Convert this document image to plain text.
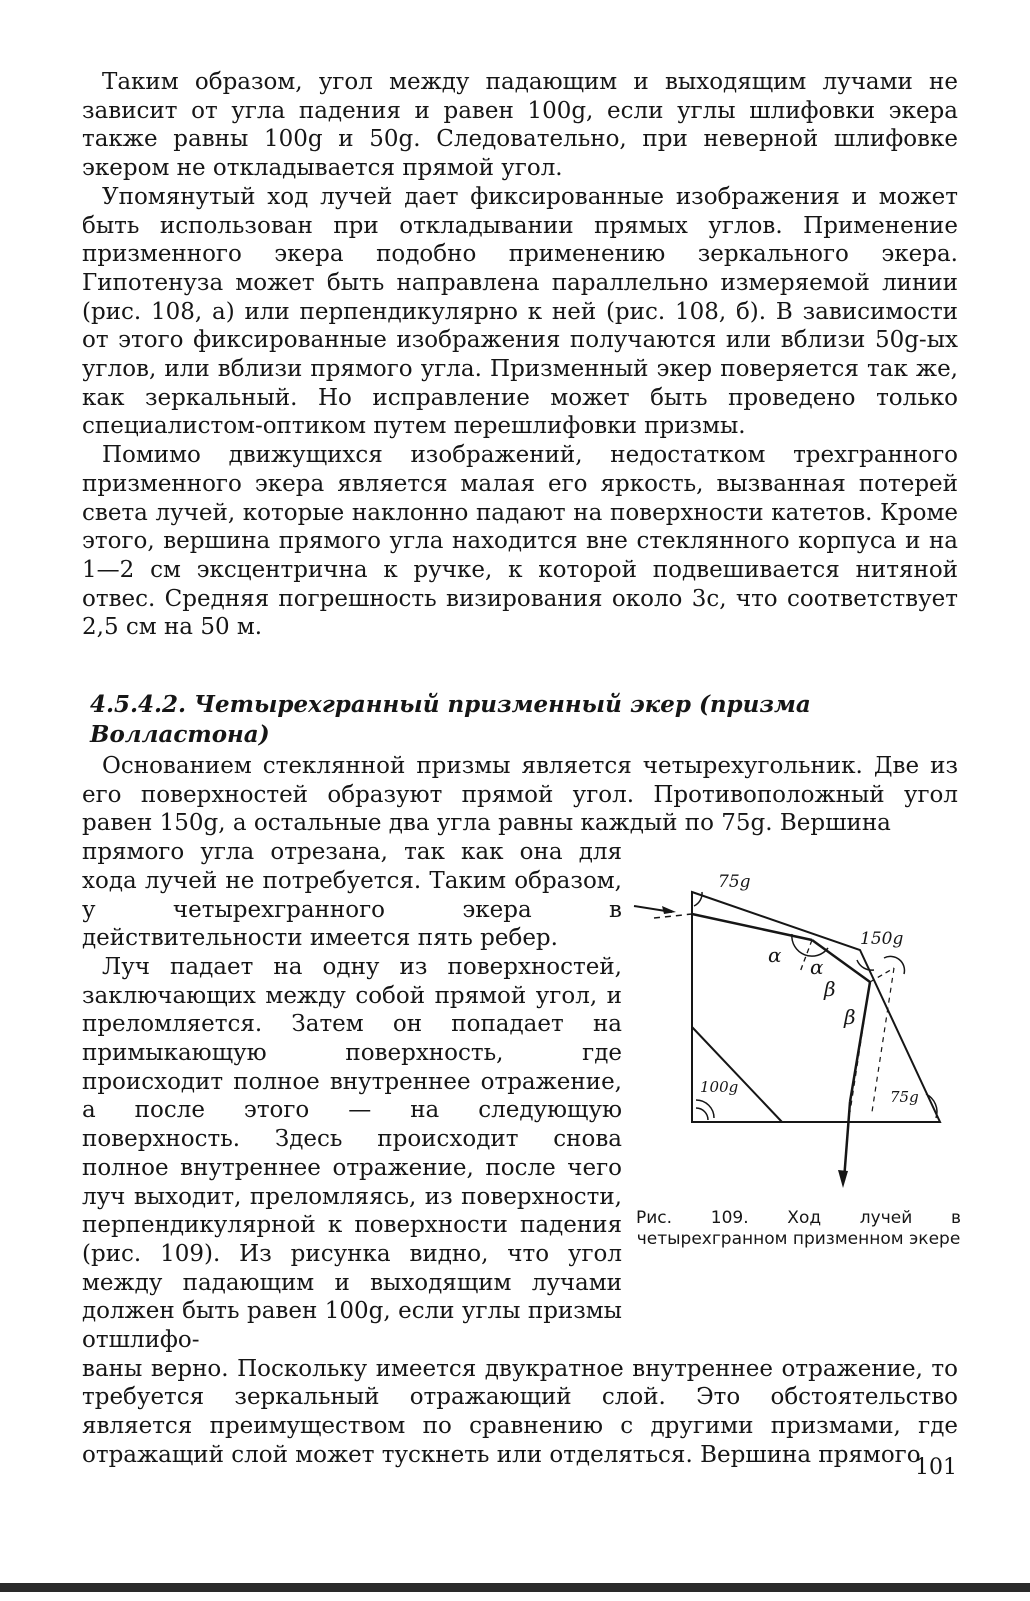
Таким образом, угол между падающим и выходящим лучами не зависит от угла падения и равен 100g, если углы шлифовки экера также равны 100g и 50g. Следовательно, при неверной шлифовке экером не откладывается прямой угол.

Упомянутый ход лучей дает фиксированные изображения и может быть использован при откладывании прямых углов. Применение призменного экера подобно применению зеркального экера. Гипотенуза может быть направлена параллельно измеряемой линии (рис. 108, а) или перпендикулярно к ней (рис. 108, б). В зависимости от этого фиксированные изображения получаются или вблизи 50g-ых углов, или вблизи прямого угла. Призменный экер поверяется так же, как зеркальный. Но исправление может быть проведено только специалистом-оптиком путем перешлифовки призмы.

Помимо движущихся изображений, недостатком трехгранного призменного экера является малая его яркость, вызванная потерей света лучей, которые наклонно падают на поверхности катетов. Кроме этого, вершина прямого угла находится вне стеклянного корпуса и на 1—2 см эксцентрична к ручке, к которой подвешивается нитяной отвес. Средняя погрешность визирования около 3c, что соответствует 2,5 см на 50 м.

4.5.4.2. Четырехгранный призменный экер (призма Волластона)

Основанием стеклянной призмы является четырехугольник. Две из его поверхностей образуют прямой угол. Противоположный угол равен 150g, а остальные два угла равны каждый по 75g. Вершина

прямого угла отрезана, так как она для хода лучей не потребуется. Таким образом, у четырехгранного экера в действительности имеется пять ребер.

Луч падает на одну из поверхностей, заключающих между собой прямой угол, и преломляется. Затем он попадает на примыкающую поверхность, где происходит полное внутреннее отражение, а после этого — на следующую поверхность. Здесь происходит снова полное внутреннее отражение, после чего луч выходит, преломляясь, из поверхности, перпендикулярной к поверхности падения (рис. 109). Из рисунка видно, что угол между падающим и выходящим лучами должен быть равен 100g, если углы призмы отшлифо-

ваны верно. Поскольку имеется двукратное внутреннее отражение, то требуется зеркальный отражающий слой. Это обстоятельство является преимуществом по сравнению с другими призмами, где отражащий слой может тускнеть или отделяться. Вершина прямого

75g
150g
100g
75g
α α
β
β
Рис. 109. Ход лучей в четырехгранном призменном экере
101
